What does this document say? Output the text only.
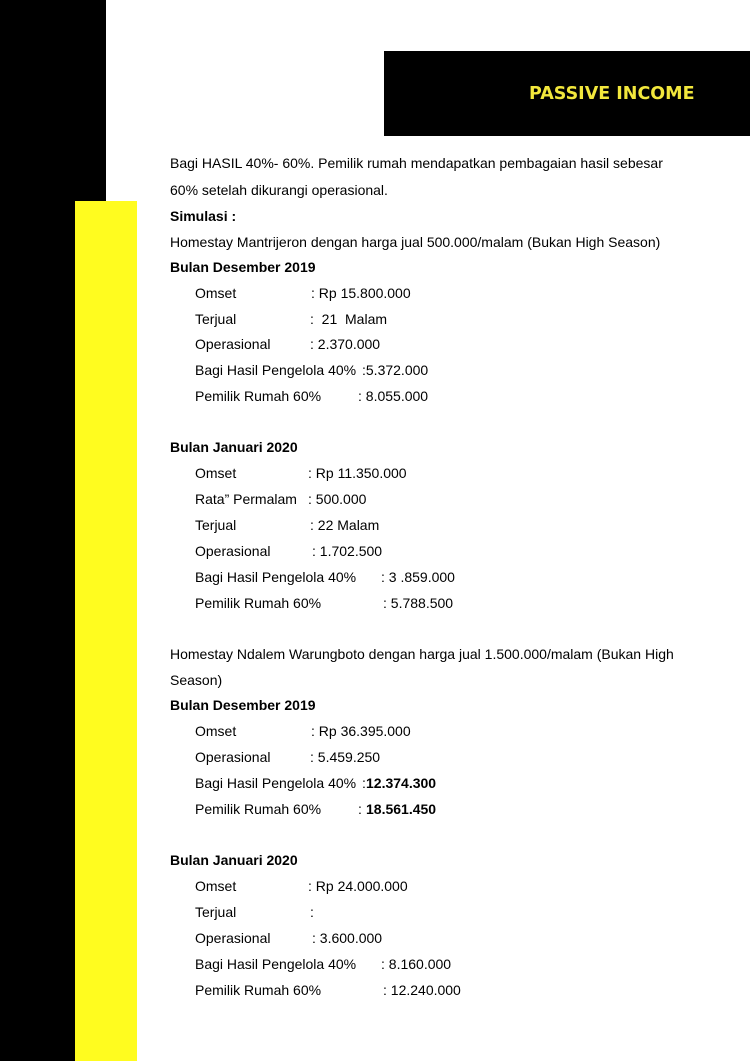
PASSIVE INCOME
Bagi HASIL 40%- 60%. Pemilik rumah mendapatkan pembagaian hasil sebesar
60% setelah dikurangi operasional.
Simulasi :
Homestay Mantrijeron dengan harga jual 500.000/malam (Bukan High Season)
Bulan Desember 2019
Omset	: Rp 15.800.000
Terjual	:  21  Malam
Operasional	: 2.370.000
Bagi Hasil Pengelola 40% :5.372.000
Pemilik Rumah 60%	: 8.055.000
Bulan Januari 2020
Omset	: Rp 11.350.000
Rata” Permalam : 500.000
Terjual	: 22 Malam
Operasional	: 1.702.500
Bagi Hasil Pengelola 40% : 3 .859.000
Pemilik Rumah 60%	: 5.788.500
Homestay Ndalem Warungboto dengan harga jual 1.500.000/malam (Bukan High
Season)
Bulan Desember 2019
Omset	: Rp 36.395.000
Operasional	: 5.459.250
Bagi Hasil Pengelola 40% : 12.374.300
Pemilik Rumah 60%	: 18.561.450
Bulan Januari 2020
Omset	: Rp 24.000.000
Terjual	:
Operasional	: 3.600.000
Bagi Hasil Pengelola 40% : 8.160.000
Pemilik Rumah 60%	: 12.240.000
